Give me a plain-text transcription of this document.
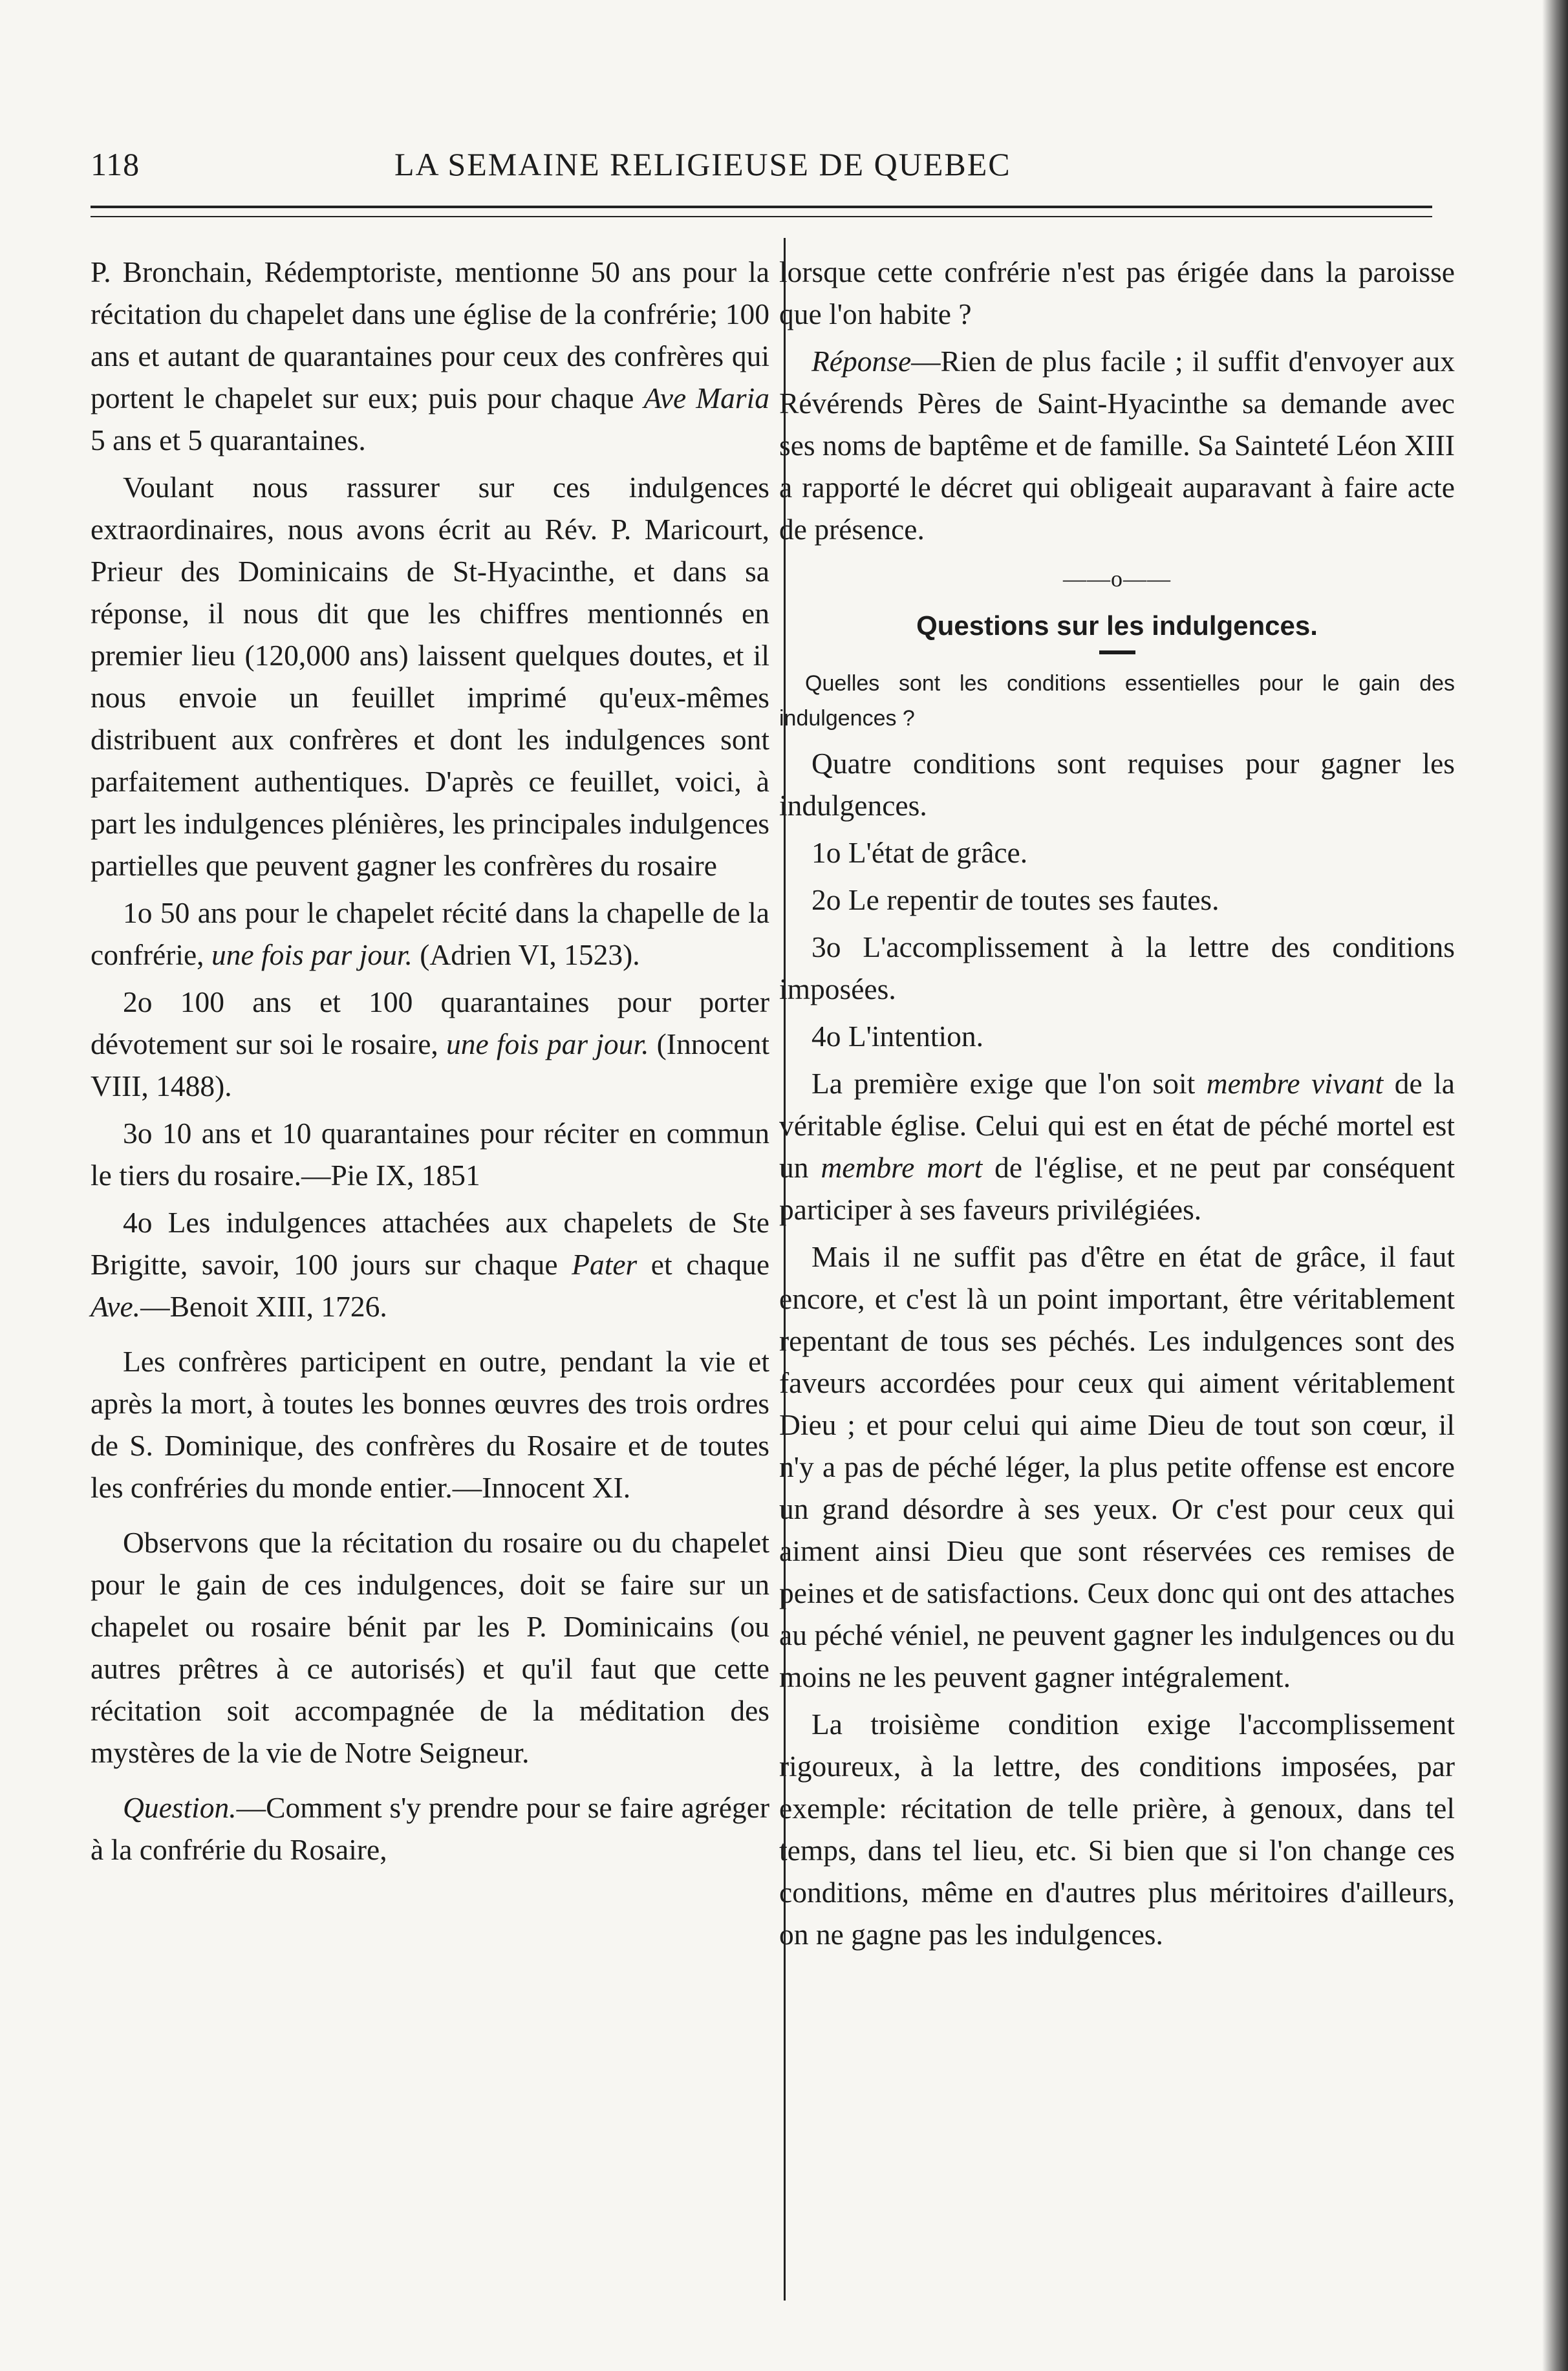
118	LA SEMAINE RELIGIEUSE DE QUEBEC

P. Bronchain, Rédemptoriste, mentionne 50 ans pour la récitation du chapelet dans une église de la confrérie; 100 ans et autant de quarantaines pour ceux des confrères qui portent le chapelet sur eux; puis pour chaque Ave Maria 5 ans et 5 quarantaines.

Voulant nous rassurer sur ces indulgences extraordinaires, nous avons écrit au Rév. P. Maricourt, Prieur des Dominicains de St-Hyacinthe, et dans sa réponse, il nous dit que les chiffres mentionnés en premier lieu (120,000 ans) laissent quelques doutes, et il nous envoie un feuillet imprimé qu'eux-mêmes distribuent aux confrères et dont les indulgences sont parfaitement authentiques. D'après ce feuillet, voici, à part les indulgences plénières, les principales indulgences partielles que peuvent gagner les confrères du rosaire

1o 50 ans pour le chapelet récité dans la chapelle de la confrérie, une fois par jour. (Adrien VI, 1523).

2o 100 ans et 100 quarantaines pour porter dévotement sur soi le rosaire, une fois par jour. (Innocent VIII, 1488).

3o 10 ans et 10 quarantaines pour réciter en commun le tiers du rosaire.—Pie IX, 1851

4o Les indulgences attachées aux chapelets de Ste Brigitte, savoir, 100 jours sur chaque Pater et chaque Ave.—Benoit XIII, 1726.

Les confrères participent en outre, pendant la vie et après la mort, à toutes les bonnes œuvres des trois ordres de S. Dominique, des confrères du Rosaire et de toutes les confréries du monde entier.—Innocent XI.

Observons que la récitation du rosaire ou du chapelet pour le gain de ces indulgences, doit se faire sur un chapelet ou rosaire bénit par les P. Dominicains (ou autres prêtres à ce autorisés) et qu'il faut que cette récitation soit accompagnée de la méditation des mystères de la vie de Notre Seigneur.

Question.—Comment s'y prendre pour se faire agréger à la confrérie du Rosaire,

lorsque cette confrérie n'est pas érigée dans la paroisse que l'on habite ?

Réponse—Rien de plus facile ; il suffit d'envoyer aux Révérends Pères de Saint-Hyacinthe sa demande avec ses noms de baptême et de famille. Sa Sainteté Léon XIII a rapporté le décret qui obligeait auparavant à faire acte de présence.

——o——
Questions sur les indulgences.

Quelles sont les conditions essentielles pour le gain des indulgences ?

Quatre conditions sont requises pour gagner les indulgences.

1o L'état de grâce.

2o Le repentir de toutes ses fautes.

3o L'accomplissement à la lettre des conditions imposées.

4o L'intention.

La première exige que l'on soit membre vivant de la véritable église. Celui qui est en état de péché mortel est un membre mort de l'église, et ne peut par conséquent participer à ses faveurs privilégiées.

Mais il ne suffit pas d'être en état de grâce, il faut encore, et c'est là un point important, être véritablement repentant de tous ses péchés. Les indulgences sont des faveurs accordées pour ceux qui aiment véritablement Dieu ; et pour celui qui aime Dieu de tout son cœur, il n'y a pas de péché léger, la plus petite offense est encore un grand désordre à ses yeux. Or c'est pour ceux qui aiment ainsi Dieu que sont réservées ces remises de peines et de satisfactions. Ceux donc qui ont des attaches au péché véniel, ne peuvent gagner les indulgences ou du moins ne les peuvent gagner intégralement.

La troisième condition exige l'accomplissement rigoureux, à la lettre, des conditions imposées, par exemple: récitation de telle prière, à genoux, dans tel temps, dans tel lieu, etc. Si bien que si l'on change ces conditions, même en d'autres plus méritoires d'ailleurs, on ne gagne pas les indulgences.
